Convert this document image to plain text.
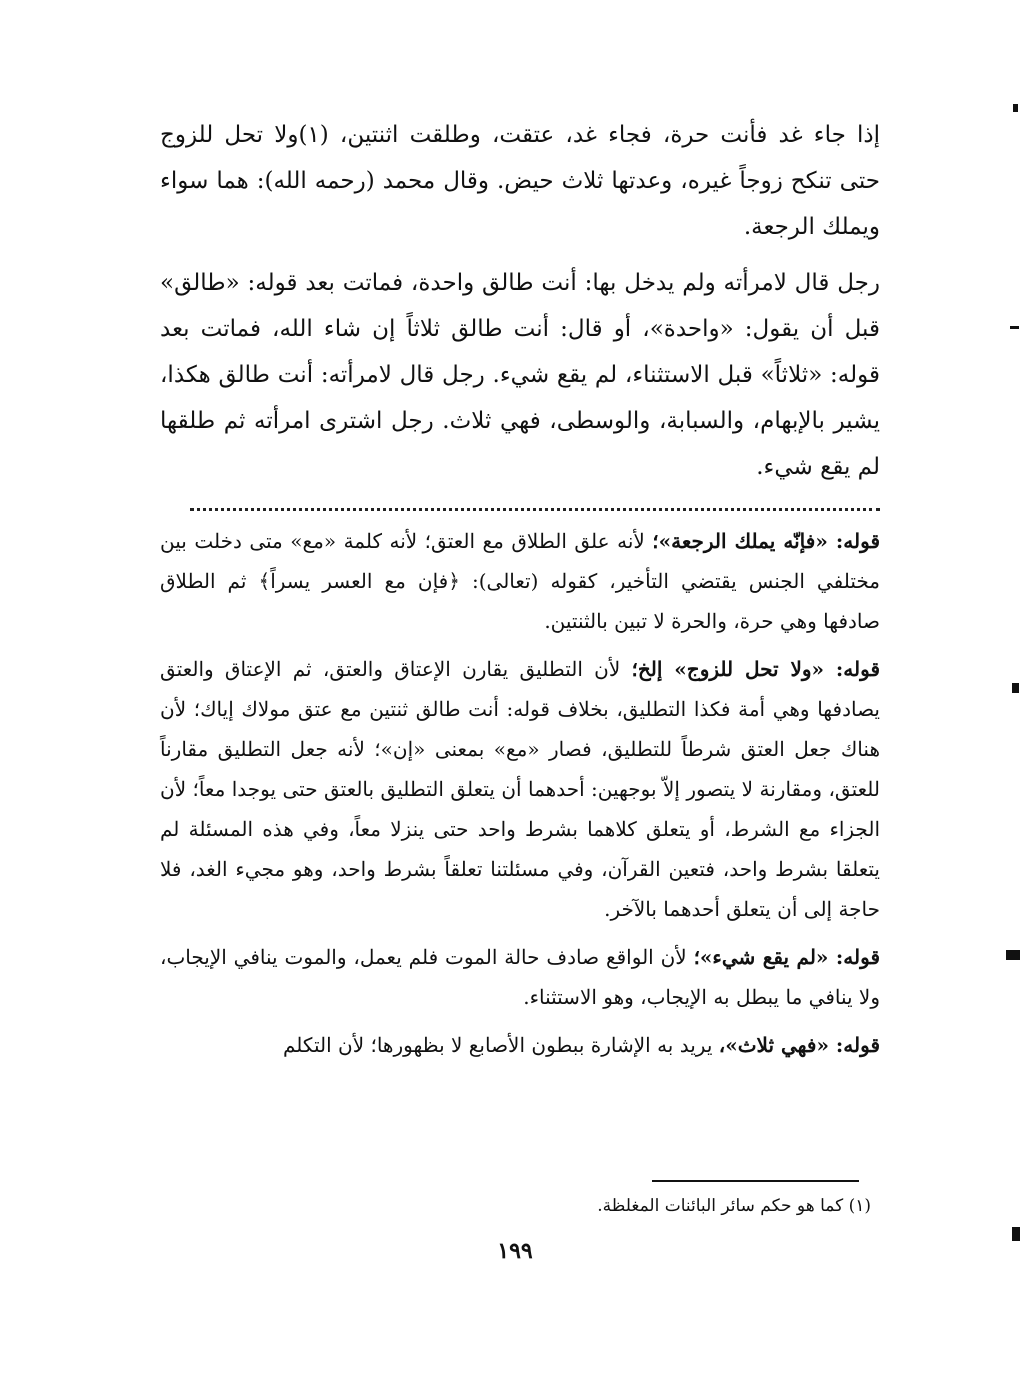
إذا جاء غد فأنت حرة، فجاء غد، عتقت، وطلقت اثنتين، (١)ولا تحل للزوج حتى تنكح زوجاً غيره، وعدتها ثلاث حيض. وقال محمد (رحمه الله): هما سواء ويملك الرجعة.

رجل قال لامرأته ولم يدخل بها: أنت طالق واحدة، فماتت بعد قوله: «طالق» قبل أن يقول: «واحدة»، أو قال: أنت طالق ثلاثاً إن شاء الله، فماتت بعد قوله: «ثلاثاً» قبل الاستثناء، لم يقع شيء. رجل قال لامرأته: أنت طالق هكذا، يشير بالإبهام، والسبابة، والوسطى، فهي ثلاث. رجل اشترى امرأته ثم طلقها لم يقع شيء.

قوله: «فإنّه يملك الرجعة»؛ لأنه علق الطلاق مع العتق؛ لأنه كلمة «مع» متى دخلت بين مختلفي الجنس يقتضي التأخير، كقوله (تعالى): ﴿فإن مع العسر يسراً﴾ ثم الطلاق صادفها وهي حرة، والحرة لا تبين بالثنتين.

قوله: «ولا تحل للزوج» إلخ؛ لأن التطليق يقارن الإعتاق والعتق، ثم الإعتاق والعتق يصادفها وهي أمة فكذا التطليق، بخلاف قوله: أنت طالق ثنتين مع عتق مولاك إياك؛ لأن هناك جعل العتق شرطاً للتطليق، فصار «مع» بمعنى «إن»؛ لأنه جعل التطليق مقارناً للعتق، ومقارنة لا يتصور إلاّ بوجهين: أحدهما أن يتعلق التطليق بالعتق حتى يوجدا معاً؛ لأن الجزاء مع الشرط، أو يتعلق كلاهما بشرط واحد حتى ينزلا معاً، وفي هذه المسئلة لم يتعلقا بشرط واحد، فتعين القرآن، وفي مسئلتنا تعلقاً بشرط واحد، وهو مجيء الغد، فلا حاجة إلى أن يتعلق أحدهما بالآخر.

قوله: «لم يقع شيء»؛ لأن الواقع صادف حالة الموت فلم يعمل، والموت ينافي الإيجاب، ولا ينافي ما يبطل به الإيجاب، وهو الاستثناء.

قوله: «فهي ثلاث»، يريد به الإشارة ببطون الأصابع لا بظهورها؛ لأن التكلم

(١) كما هو حكم سائر البائنات المغلظة.
١٩٩
